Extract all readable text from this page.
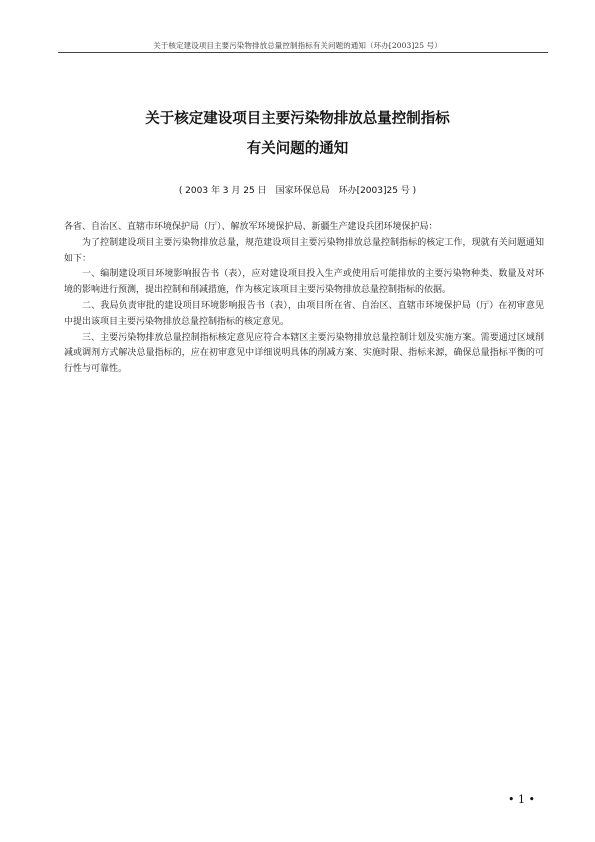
关于核定建设项目主要污染物排放总量控制指标有关问题的通知（环办[2003]25 号）
关于核定建设项目主要污染物排放总量控制指标
有关问题的通知
( 2003 年 3 月 25 日　国家环保总局　环办[2003]25 号 )

各省、自治区、直辖市环境保护局（厅）、解放军环境保护局、新疆生产建设兵团环境保护局：

为了控制建设项目主要污染物排放总量，规范建设项目主要污染物排放总量控制指标的核定工作，现就有关问题通知如下：

一、编制建设项目环境影响报告书（表），应对建设项目投入生产或使用后可能排放的主要污染物种类、数量及对环境的影响进行预测，提出控制和削减措施，作为核定该项目主要污染物排放总量控制指标的依据。

二、我局负责审批的建设项目环境影响报告书（表），由项目所在省、自治区、直辖市环境保护局（厅）在初审意见中提出该项目主要污染物排放总量控制指标的核定意见。

三、主要污染物排放总量控制指标核定意见应符合本辖区主要污染物排放总量控制计划及实施方案。需要通过区域削减或调剂方式解决总量指标的，应在初审意见中详细说明具体的削减方案、实施时限、指标来源，确保总量指标平衡的可行性与可靠性。

• 1 •
